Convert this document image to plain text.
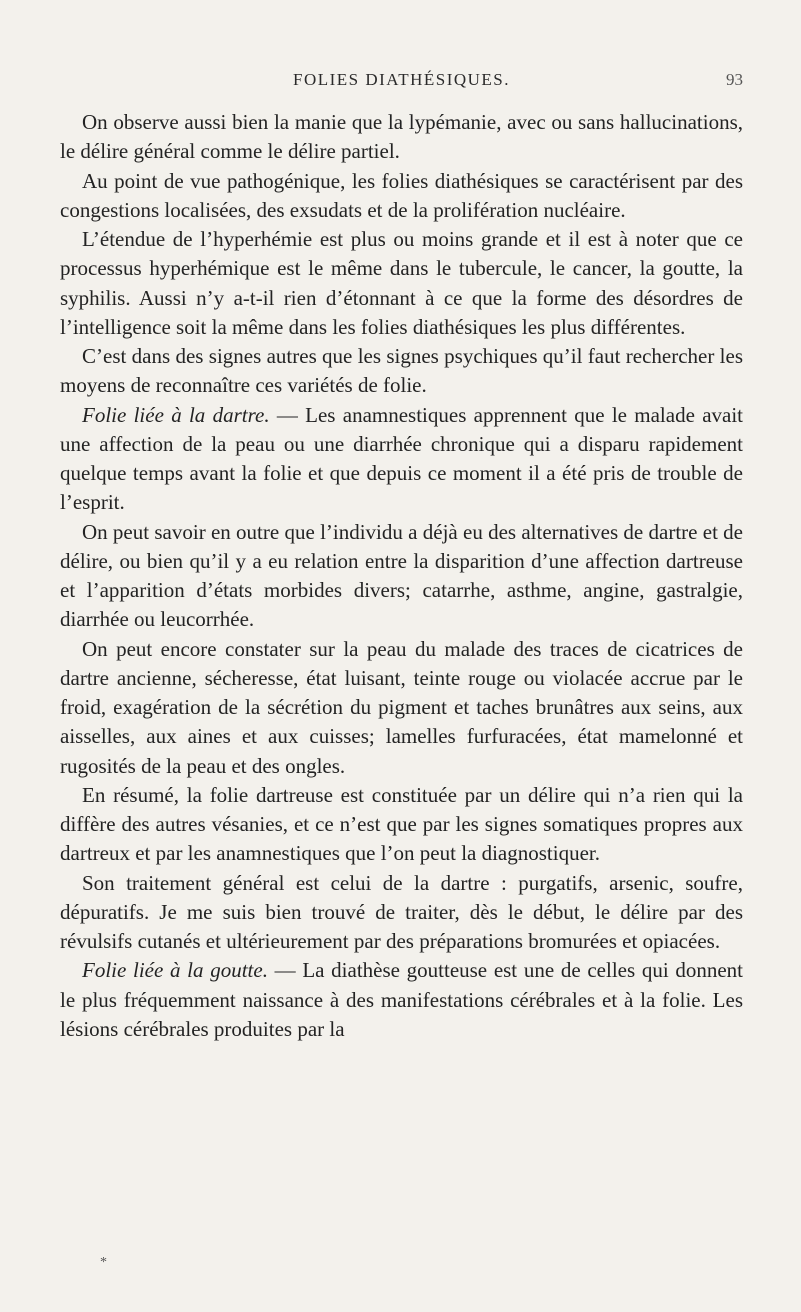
FOLIES DIATHÉSIQUES.	93

On observe aussi bien la manie que la lypémanie, avec ou sans hallucinations, le délire général comme le délire partiel.

Au point de vue pathogénique, les folies diathésiques se caractérisent par des congestions localisées, des exsudats et de la prolifération nucléaire.

L’étendue de l’hyperhémie est plus ou moins grande et il est à noter que ce processus hyperhémique est le même dans le tubercule, le cancer, la goutte, la syphilis. Aussi n’y a-t-il rien d’étonnant à ce que la forme des désordres de l’intelligence soit la même dans les folies diathésiques les plus différentes.

C’est dans des signes autres que les signes psychiques qu’il faut rechercher les moyens de reconnaître ces variétés de folie.

Folie liée à la dartre. — Les anamnestiques apprennent que le malade avait une affection de la peau ou une diarrhée chronique qui a disparu rapidement quelque temps avant la folie et que depuis ce moment il a été pris de trouble de l’esprit.

On peut savoir en outre que l’individu a déjà eu des alternatives de dartre et de délire, ou bien qu’il y a eu relation entre la disparition d’une affection dartreuse et l’apparition d’états morbides divers; catarrhe, asthme, angine, gastralgie, diarrhée ou leucorrhée.

On peut encore constater sur la peau du malade des traces de cicatrices de dartre ancienne, sécheresse, état luisant, teinte rouge ou violacée accrue par le froid, exagération de la sécrétion du pigment et taches brunâtres aux seins, aux aisselles, aux aines et aux cuisses; lamelles furfuracées, état mamelonné et rugosités de la peau et des ongles.

En résumé, la folie dartreuse est constituée par un délire qui n’a rien qui la diffère des autres vésanies, et ce n’est que par les signes somatiques propres aux dartreux et par les anamnestiques que l’on peut la diagnostiquer.

Son traitement général est celui de la dartre : purgatifs, arsenic, soufre, dépuratifs. Je me suis bien trouvé de traiter, dès le début, le délire par des révulsifs cutanés et ultérieurement par des préparations bromurées et opiacées.

Folie liée à la goutte. — La diathèse goutteuse est une de celles qui donnent le plus fréquemment naissance à des manifestations cérébrales et à la folie. Les lésions cérébrales produites par la

*
